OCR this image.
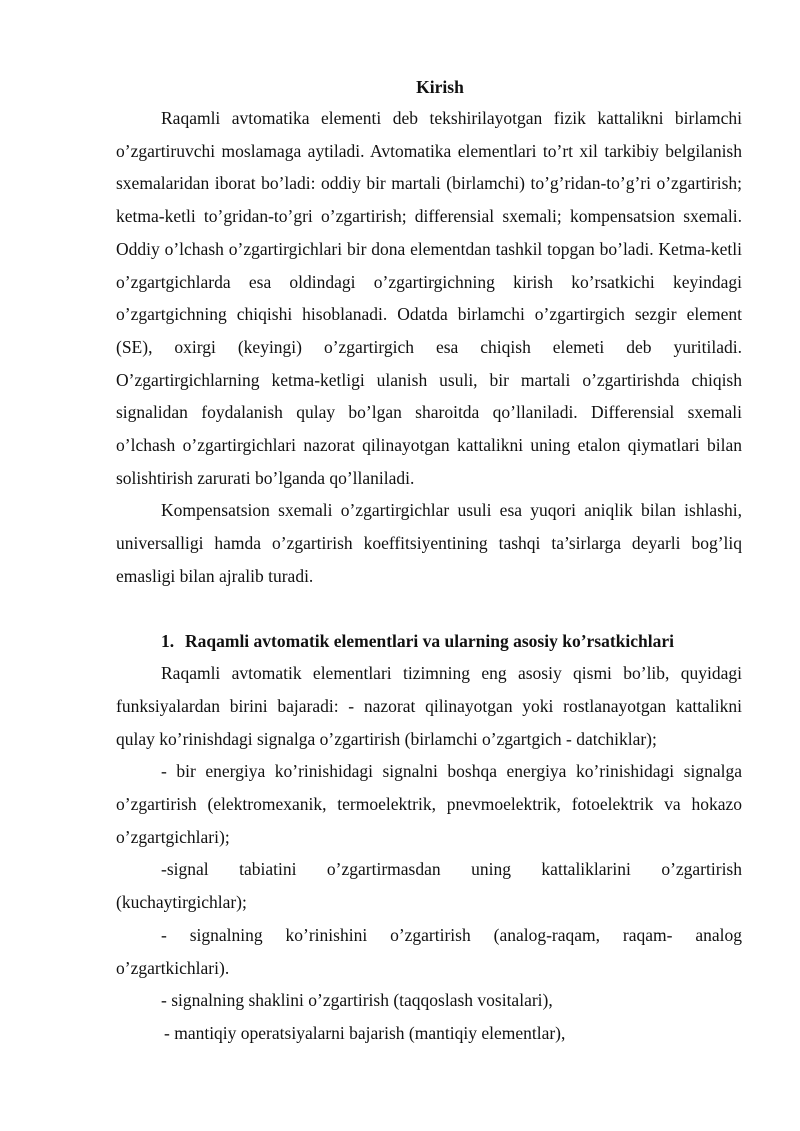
Kirish

Raqamli avtomatika elementi deb tekshirilayotgan fizik kattalikni birlamchi o’zgartiruvchi moslamaga aytiladi. Avtomatika elementlari to’rt xil tarkibiy belgilanish sxemalaridan iborat bo’ladi: oddiy bir martali (birlamchi) to’g’ridan-to’g’ri o’zgartirish; ketma-ketli to’gridan-to’gri o’zgartirish; differensial sxemali; kompensatsion sxemali. Oddiy o’lchash o’zgartirgichlari bir dona elementdan tashkil topgan bo’ladi. Ketma-ketli o’zgartgichlarda esa oldindagi o’zgartirgichning kirish ko’rsatkichi keyindagi o’zgartgichning chiqishi hisoblanadi. Odatda birlamchi o’zgartirgich sezgir element (SE), oxirgi (keyingi) o’zgartirgich esa chiqish elemeti deb yuritiladi. O’zgartirgichlarning ketma-ketligi ulanish usuli, bir martali o’zgartirishda chiqish signalidan foydalanish qulay bo’lgan sharoitda qo’llaniladi. Differensial sxemali o’lchash o’zgartirgichlari nazorat qilinayotgan kattalikni uning etalon qiymatlari bilan solishtirish zarurati bo’lganda qo’llaniladi.

Kompensatsion sxemali o’zgartirgichlar usuli esa yuqori aniqlik bilan ishlashi, universalligi hamda o’zgartirish koeffitsiyentining tashqi ta’sirlarga deyarli bog’liq emasligi bilan ajralib turadi.

1. Raqamli avtomatik elementlari va ularning asosiy ko’rsatkichlari

Raqamli avtomatik elementlari tizimning eng asosiy qismi bo’lib, quyidagi funksiyalardan birini bajaradi: - nazorat qilinayotgan yoki rostlanayotgan kattalikni qulay ko’rinishdagi signalga o’zgartirish (birlamchi o’zgartgich - datchiklar);

- bir energiya ko’rinishidagi signalni boshqa energiya ko’rinishidagi signalga o’zgartirish (elektromexanik, termoelektrik, pnevmoelektrik, fotoelektrik va hokazo o’zgartgichlari);

-signal tabiatini o’zgartirmasdan uning kattaliklarini o’zgartirish (kuchaytirgichlar);

- signalning ko’rinishini o’zgartirish (analog-raqam, raqam- analog o’zgartkichlari).

- signalning shaklini o’zgartirish (taqqoslash vositalari),

- mantiqiy operatsiyalarni bajarish (mantiqiy elementlar),
